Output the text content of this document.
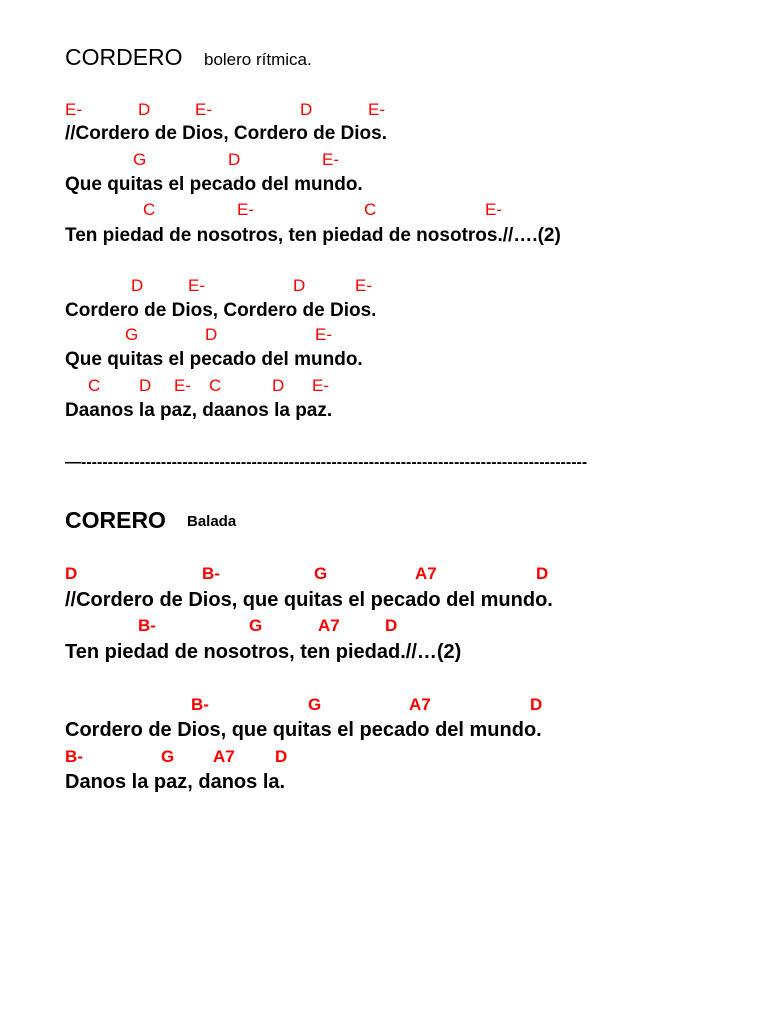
CORDERO bolero rítmica.
E-	D	E-	D	E-
//Cordero de Dios, Cordero de Dios.
G	D	E-
Que quitas el pecado del mundo.
C	E-	C	E-
Ten piedad de nosotros, ten piedad de nosotros.//….(2)
D	E-	D	E-
Cordero de Dios, Cordero de Dios.
G	D	E-
Que quitas el pecado del mundo.
C D E- C	D E-
Daanos la paz, daanos la paz.
—-----------------------------------------------------------------------------------------------
CORERO Balada
D	B-	G	A7	D
//Cordero de Dios, que quitas el pecado del mundo.
B-	G	A7	D
Ten piedad de nosotros, ten piedad.//…(2)
B-	G	A7	D
Cordero de Dios, que quitas el pecado del mundo.
B-	G A7 D
Danos la paz, danos la.
